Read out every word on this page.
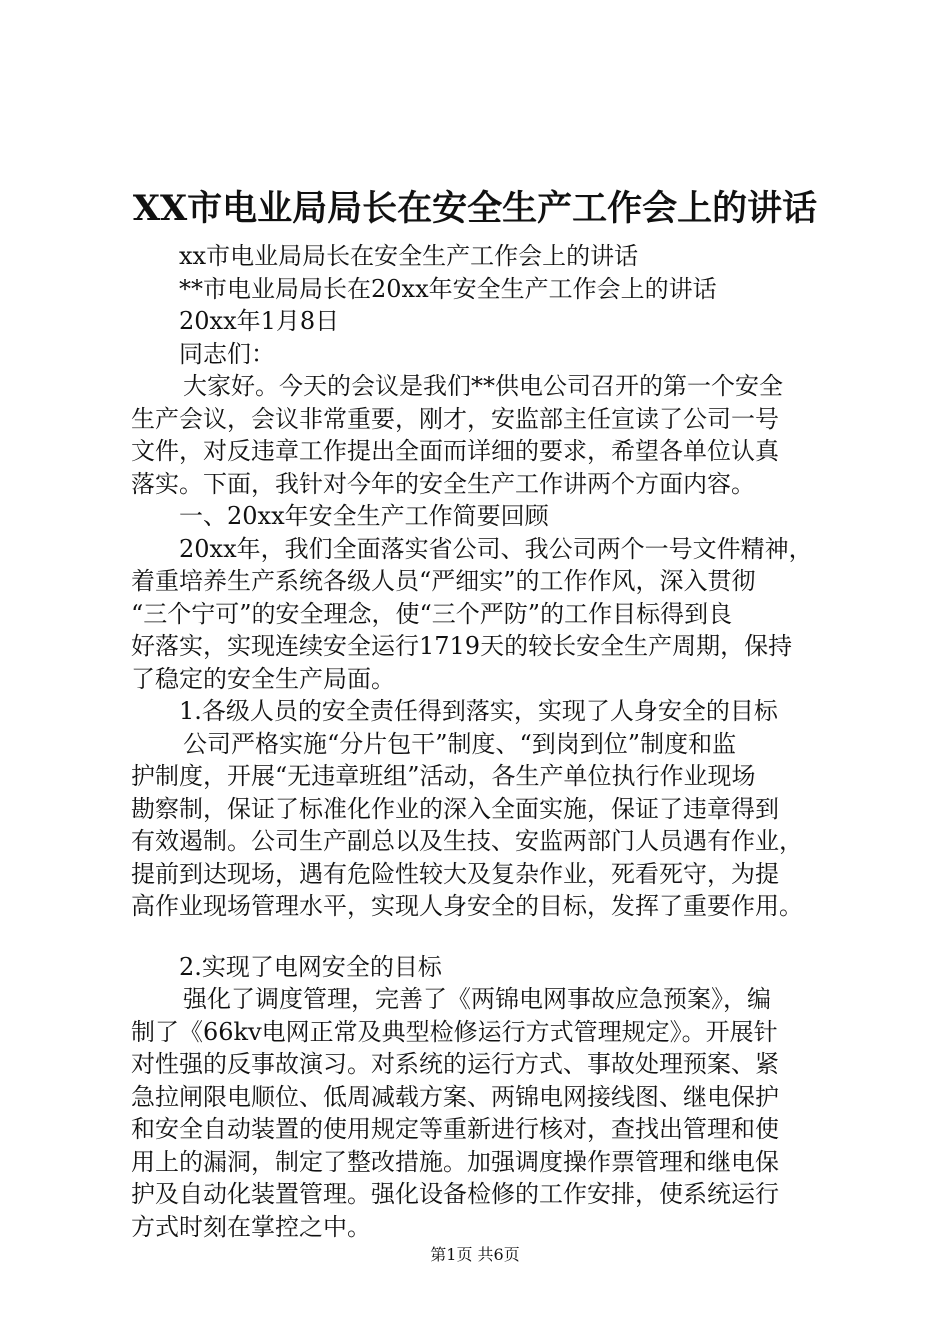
XX市电业局局长在安全生产工作会上的讲话
xx市电业局局长在安全生产工作会上的讲话
**市电业局局长在20xx年安全生产工作会上的讲话
20xx年1月8日
同志们：
大家好。今天的会议是我们**供电公司召开的第一个安全
生产会议，会议非常重要，刚才，安监部主任宣读了公司一号
文件，对反违章工作提出全面而详细的要求，希望各单位认真
落实。下面，我针对今年的安全生产工作讲两个方面内容。
一、20xx年安全生产工作简要回顾
20xx年，我们全面落实省公司、我公司两个一号文件精神，
着重培养生产系统各级人员“严细实”的工作作风，深入贯彻
“三个宁可”的安全理念，使“三个严防”的工作目标得到良
好落实，实现连续安全运行1719天的较长安全生产周期，保持
了稳定的安全生产局面。
1.各级人员的安全责任得到落实，实现了人身安全的目标
公司严格实施“分片包干”制度、“到岗到位”制度和监
护制度，开展“无违章班组”活动，各生产单位执行作业现场
勘察制，保证了标准化作业的深入全面实施，保证了违章得到
有效遏制。公司生产副总以及生技、安监两部门人员遇有作业，
提前到达现场，遇有危险性较大及复杂作业，死看死守，为提
高作业现场管理水平，实现人身安全的目标，发挥了重要作用。
2.实现了电网安全的目标
强化了调度管理，完善了《两锦电网事故应急预案》，编
制了《66kv电网正常及典型检修运行方式管理规定》。开展针
对性强的反事故演习。对系统的运行方式、事故处理预案、紧
急拉闸限电顺位、低周减载方案、两锦电网接线图、继电保护
和安全自动装置的使用规定等重新进行核对，查找出管理和使
用上的漏洞，制定了整改措施。加强调度操作票管理和继电保
护及自动化装置管理。强化设备检修的工作安排，使系统运行
方式时刻在掌控之中。
第1页 共6页
